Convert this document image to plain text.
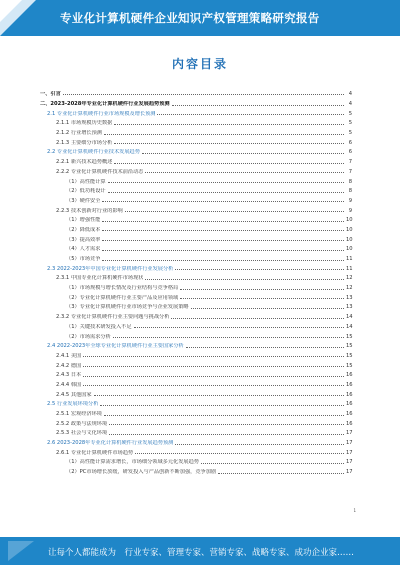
专业化计算机硬件企业知识产权管理策略研究报告
内容目录
一、引言	4
二、2023-2028年专业化计算机硬件行业发展趋势预测	4
2.1 专业化计算机硬件行业市场规模及增长预测	5
2.1.1 市场规模历史数据	5
2.1.2 行业增长预测	5
2.1.3 主要细分市场分析	6
2.2 专业化计算机硬件行业技术发展趋势	6
2.2.1 新兴技术趋势概述	7
2.2.2 专业化计算机硬件技术前沿动态	7
（1）高性能计算	8
（2）低功耗设计	8
（3）硬件安全	9
2.2.3 技术创新对行业的影响	9
（1）增强性能	10
（2）降低成本	10
（3）提高效率	10
（4）人才需求	10
（5）市场竞争	11
2.3 2022-2023年中国专业化计算机硬件行业发展分析	11
2.3.1 中国专业化计算机硬件市场现状	12
（1）市场规模与增长情况及行业结构与竞争格局	12
（2）专业化计算机硬件行业主要产品及应用领域	13
（3）专业化计算机硬件行业市场竞争与企业发展策略	13
2.3.2 专业化计算机硬件行业主要问题与挑战分析	14
（1）关键技术研发投入不足	14
（2）市场需求分析	15
2.4 2022-2023年全球专业化计算机硬件行业主要国家分析	15
2.4.1 美国	15
2.4.2 德国	15
2.4.3 日本	16
2.4.4 韩国	16
2.4.5 其他国家	16
2.5 行业发展环境分析	16
2.5.1 宏观经济环境	16
2.5.2 政策与法规环境	16
2.5.3 社会与文化环境	17
2.6 2023-2028年专业化计算机硬件行业发展趋势预测	17
2.6.1 专业化计算机硬件市场趋势	17
（1）高性能计算需求增长，市场细分领域多元化发展趋势	17
（2）PC市场增长放缓，研发投入与产品创新不断加强，竞争加剧	17
1
让每个人都能成为　行业专家、管理专家、营销专家、战略专家、成功企业家……
